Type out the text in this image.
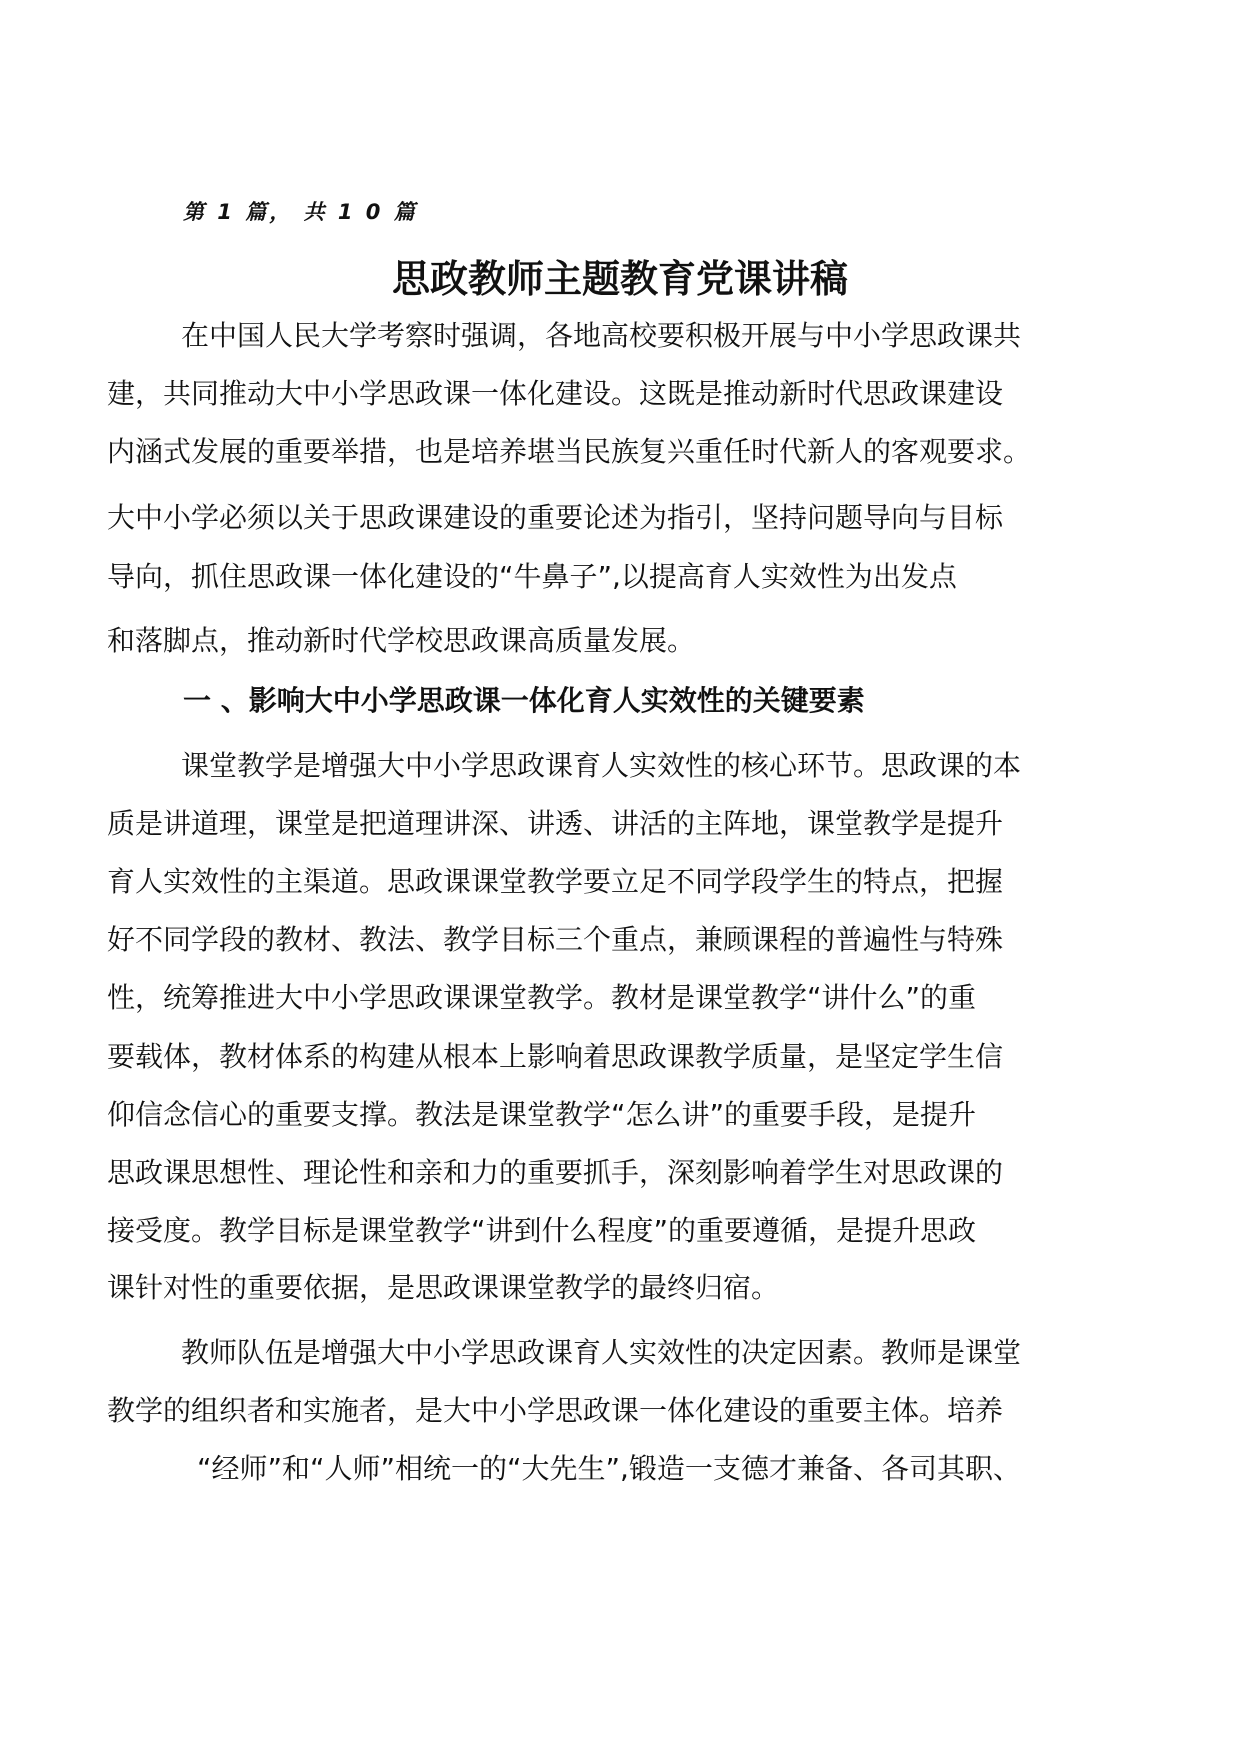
第 1 篇， 共 1 0 篇
思政教师主题教育党课讲稿
在中国人民大学考察时强调，各地高校要积极开展与中小学思政课共
建，共同推动大中小学思政课一体化建设。这既是推动新时代思政课建设
内涵式发展的重要举措，也是培养堪当民族复兴重任时代新人的客观要求。
大中小学必须以关于思政课建设的重要论述为指引，坚持问题导向与目标
导向，抓住思政课一体化建设的“牛鼻子”,以提高育人实效性为出发点
和落脚点，推动新时代学校思政课高质量发展。
一 、影响大中小学思政课一体化育人实效性的关键要素
课堂教学是增强大中小学思政课育人实效性的核心环节。思政课的本
质是讲道理，课堂是把道理讲深、讲透、讲活的主阵地，课堂教学是提升
育人实效性的主渠道。思政课课堂教学要立足不同学段学生的特点，把握
好不同学段的教材、教法、教学目标三个重点，兼顾课程的普遍性与特殊
性，统筹推进大中小学思政课课堂教学。教材是课堂教学“讲什么”的重
要载体，教材体系的构建从根本上影响着思政课教学质量，是坚定学生信
仰信念信心的重要支撑。教法是课堂教学“怎么讲”的重要手段，是提升
思政课思想性、理论性和亲和力的重要抓手，深刻影响着学生对思政课的
接受度。教学目标是课堂教学“讲到什么程度”的重要遵循，是提升思政
课针对性的重要依据，是思政课课堂教学的最终归宿。
教师队伍是增强大中小学思政课育人实效性的决定因素。教师是课堂
教学的组织者和实施者，是大中小学思政课一体化建设的重要主体。培养
“经师”和“人师”相统一的“大先生”,锻造一支德才兼备、各司其职、
